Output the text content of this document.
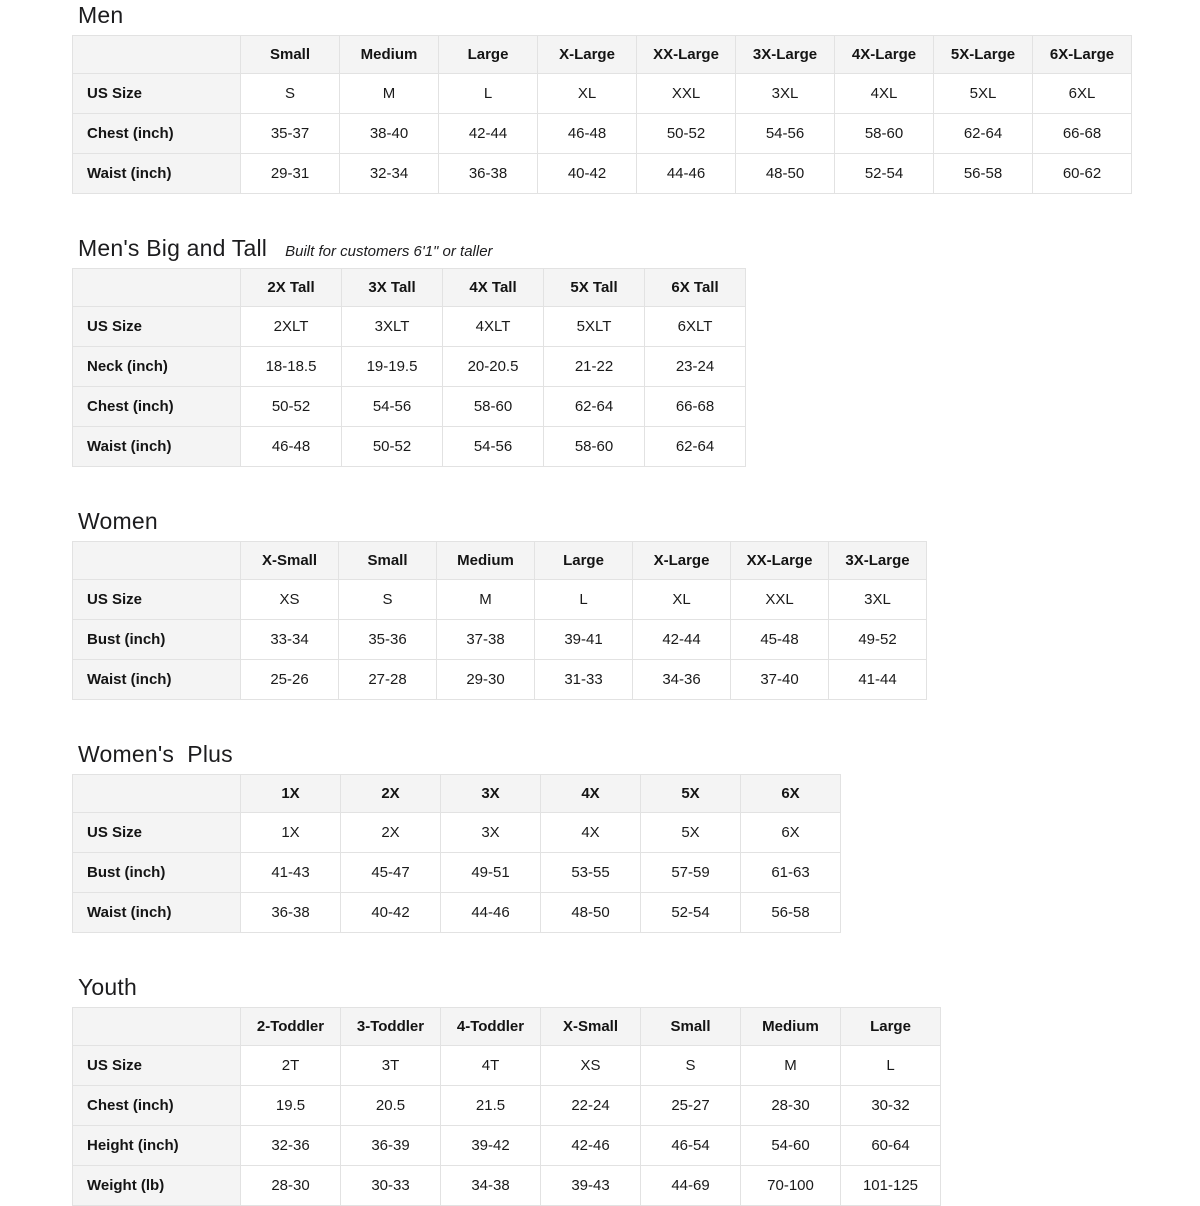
Men
	Small	Medium	Large	X-Large	XX-Large	3X-Large	4X-Large	5X-Large	6X-Large
US Size	S	M	L	XL	XXL	3XL	4XL	5XL	6XL
Chest (inch)	35-37	38-40	42-44	46-48	50-52	54-56	58-60	62-64	66-68
Waist (inch)	29-31	32-34	36-38	40-42	44-46	48-50	52-54	56-58	60-62
Men's Big and Tall Built for customers 6'1" or taller
	2X Tall	3X Tall	4X Tall	5X Tall	6X Tall
US Size	2XLT	3XLT	4XLT	5XLT	6XLT
Neck (inch)	18-18.5	19-19.5	20-20.5	21-22	23-24
Chest (inch)	50-52	54-56	58-60	62-64	66-68
Waist (inch)	46-48	50-52	54-56	58-60	62-64
Women
	X-Small	Small	Medium	Large	X-Large	XX-Large	3X-Large
US Size	XS	S	M	L	XL	XXL	3XL
Bust (inch)	33-34	35-36	37-38	39-41	42-44	45-48	49-52
Waist (inch)	25-26	27-28	29-30	31-33	34-36	37-40	41-44
Women's  Plus
	1X	2X	3X	4X	5X	6X
US Size	1X	2X	3X	4X	5X	6X
Bust (inch)	41-43	45-47	49-51	53-55	57-59	61-63
Waist (inch)	36-38	40-42	44-46	48-50	52-54	56-58
Youth
	2-Toddler	3-Toddler	4-Toddler	X-Small	Small	Medium	Large
US Size	2T	3T	4T	XS	S	M	L
Chest (inch)	19.5	20.5	21.5	22-24	25-27	28-30	30-32
Height (inch)	32-36	36-39	39-42	42-46	46-54	54-60	60-64
Weight (lb)	28-30	30-33	34-38	39-43	44-69	70-100	101-125
